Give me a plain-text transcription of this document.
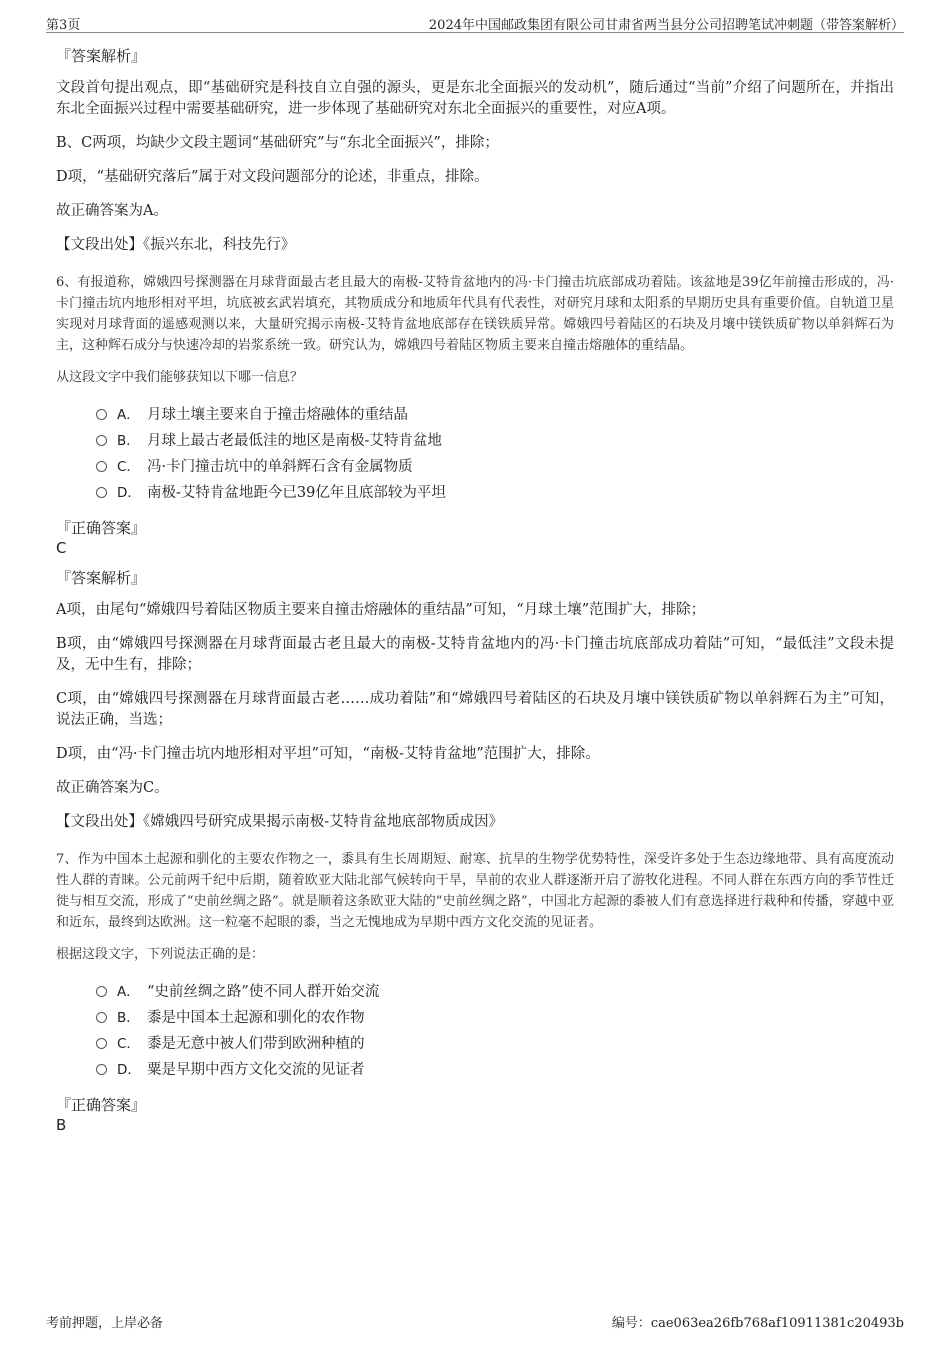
第3页	2024年中国邮政集团有限公司甘肃省两当县分公司招聘笔试冲刺题（带答案解析）
『答案解析』

文段首句提出观点，即“基础研究是科技自立自强的源头，更是东北全面振兴的发动机”，随后通过“当前”介绍了问题所在，并指出东北全面振兴过程中需要基础研究，进一步体现了基础研究对东北全面振兴的重要性，对应A项。

B、C两项，均缺少文段主题词“基础研究”与“东北全面振兴”，排除；

D项，“基础研究落后”属于对文段问题部分的论述，非重点，排除。

故正确答案为A。

【文段出处】《振兴东北，科技先行》

6、有报道称，嫦娥四号探测器在月球背面最古老且最大的南极-艾特肯盆地内的冯·卡门撞击坑底部成功着陆。该盆地是39亿年前撞击形成的，冯·卡门撞击坑内地形相对平坦，坑底被玄武岩填充，其物质成分和地质年代具有代表性，对研究月球和太阳系的早期历史具有重要价值。自轨道卫星实现对月球背面的遥感观测以来，大量研究揭示南极-艾特肯盆地底部存在镁铁质异常。嫦娥四号着陆区的石块及月壤中镁铁质矿物以单斜辉石为主，这种辉石成分与快速冷却的岩浆系统一致。研究认为，嫦娥四号着陆区物质主要来自撞击熔融体的重结晶。

从这段文字中我们能够获知以下哪一信息？

A． 月球土壤主要来自于撞击熔融体的重结晶
B． 月球上最古老最低洼的地区是南极-艾特肯盆地
C． 冯·卡门撞击坑中的单斜辉石含有金属物质
D． 南极-艾特肯盆地距今已39亿年且底部较为平坦
『正确答案』
C
『答案解析』

A项，由尾句“嫦娥四号着陆区物质主要来自撞击熔融体的重结晶”可知，“月球土壤”范围扩大，排除；

B项，由“嫦娥四号探测器在月球背面最古老且最大的南极-艾特肯盆地内的冯·卡门撞击坑底部成功着陆”可知，“最低洼”文段未提及，无中生有，排除；

C项，由“嫦娥四号探测器在月球背面最古老……成功着陆”和“嫦娥四号着陆区的石块及月壤中镁铁质矿物以单斜辉石为主”可知，说法正确，当选；

D项，由“冯·卡门撞击坑内地形相对平坦”可知，“南极-艾特肯盆地”范围扩大，排除。

故正确答案为C。

【文段出处】《嫦娥四号研究成果揭示南极-艾特肯盆地底部物质成因》

7、作为中国本土起源和驯化的主要农作物之一，黍具有生长周期短、耐寒、抗旱的生物学优势特性，深受许多处于生态边缘地带、具有高度流动性人群的青睐。公元前两千纪中后期，随着欧亚大陆北部气候转向干旱，旱前的农业人群逐渐开启了游牧化进程。不同人群在东西方向的季节性迁徙与相互交流，形成了“史前丝绸之路”。就是顺着这条欧亚大陆的“史前丝绸之路”，中国北方起源的黍被人们有意选择进行栽种和传播，穿越中亚和近东，最终到达欧洲。这一粒毫不起眼的黍，当之无愧地成为早期中西方文化交流的见证者。

根据这段文字，下列说法正确的是：

A． “史前丝绸之路”使不同人群开始交流
B． 黍是中国本土起源和驯化的农作物
C． 黍是无意中被人们带到欧洲种植的
D． 粟是早期中西方文化交流的见证者
『正确答案』
B
考前押题，上岸必备	编号：cae063ea26fb768af10911381c20493b
